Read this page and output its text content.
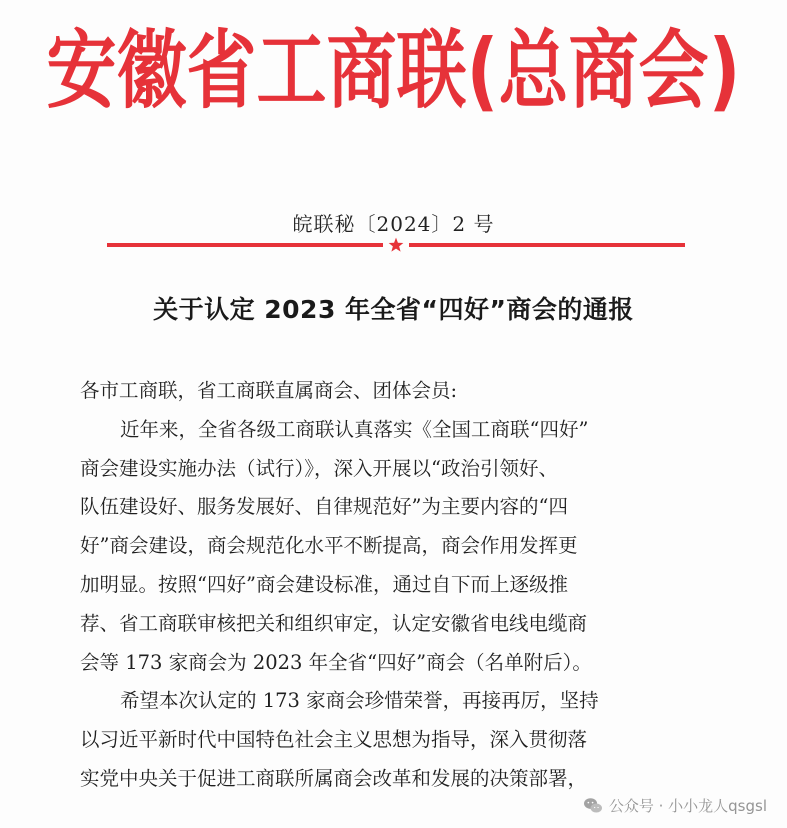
安徽省工商联(总商会)
皖联秘〔2024〕2 号
关于认定 2023 年全省“四好”商会的通报
各市工商联，省工商联直属商会、团体会员:
近年来，全省各级工商联认真落实《全国工商联“四好”
商会建设实施办法（试行）》，深入开展以“政治引领好、
队伍建设好、服务发展好、自律规范好”为主要内容的“四
好”商会建设，商会规范化水平不断提高，商会作用发挥更
加明显。按照“四好”商会建设标准，通过自下而上逐级推
荐、省工商联审核把关和组织审定，认定安徽省电线电缆商
会等 173 家商会为 2023 年全省“四好”商会（名单附后）。
希望本次认定的 173 家商会珍惜荣誉，再接再厉，坚持
以习近平新时代中国特色社会主义思想为指导，深入贯彻落
实党中央关于促进工商联所属商会改革和发展的决策部署，
公众号 · 小小龙人qsgsl
